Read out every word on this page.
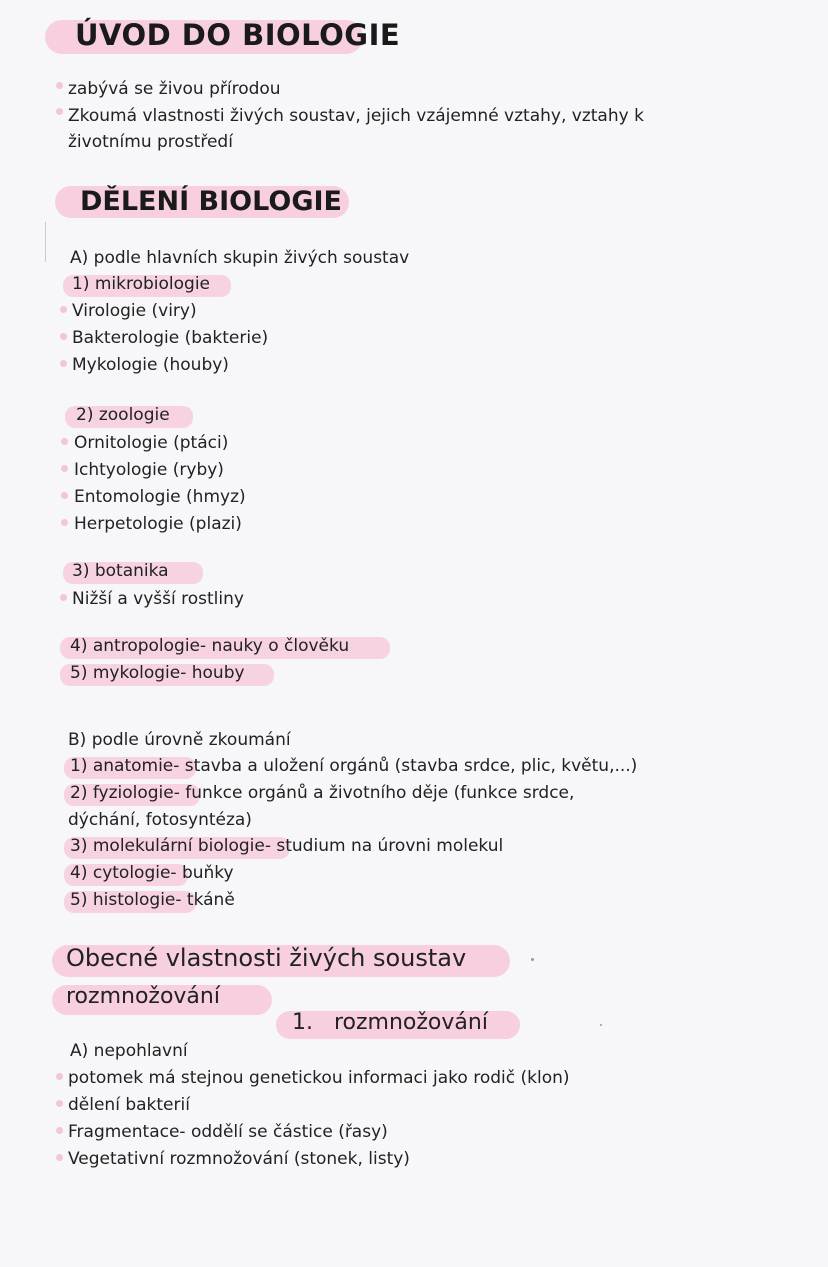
ÚVOD DO BIOLOGIE
zabývá se živou přírodou
Zkoumá vlastnosti živých soustav, jejich vzájemné vztahy, vztahy k
životnímu prostředí
DĚLENÍ BIOLOGIE
A) podle hlavních skupin živých soustav
1) mikrobiologie
Virologie (viry)
Bakterologie (bakterie)
Mykologie (houby)
2) zoologie
Ornitologie (ptáci)
Ichtyologie (ryby)
Entomologie (hmyz)
Herpetologie (plazi)
3) botanika
Nižší a vyšší rostliny
4) antropologie- nauky o člověku
5) mykologie- houby
B) podle úrovně zkoumání
1) anatomie- stavba a uložení orgánů (stavba srdce, plic, květu,...)
2) fyziologie- funkce orgánů a životního děje (funkce srdce,
dýchání, fotosyntéza)
3) molekulární biologie- studium na úrovni molekul
4) cytologie- buňky
5) histologie- tkáně
Obecné vlastnosti živých soustav
rozmnožování
1.   rozmnožování
A) nepohlavní
potomek má stejnou genetickou informaci jako rodič (klon)
dělení bakterií
Fragmentace- oddělí se částice (řasy)
Vegetativní rozmnožování (stonek, listy)
